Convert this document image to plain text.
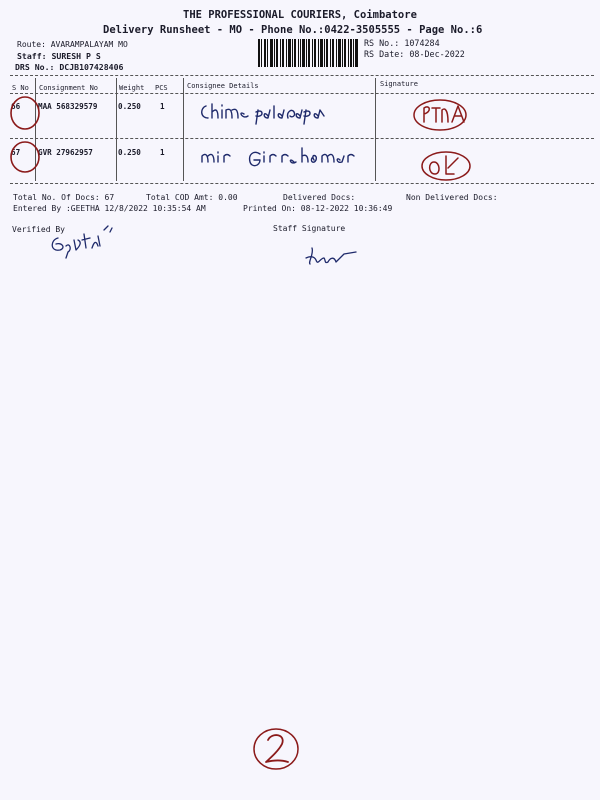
THE PROFESSIONAL COURIERS, Coimbatore
Delivery Runsheet - MO - Phone No.:0422-3505555 - Page No.:6
Route: AVARAMPALAYAM MO
Staff: SURESH P S
DRS No.: DCJB107428406
RS No.: 1074284
RS Date: 08-Dec-2022
S No Consignment No	Weight PCS	Consignee Details	Signature
66 MAA 568329579	0.250	1
67 GVR 27962957	0.250	1
Total No. Of Docs: 67	Total COD Amt: 0.00	Delivered Docs:	Non Delivered Docs:
Entered By :GEETHA 12/8/2022 10:35:54 AM	Printed On: 08-12-2022 10:36:49
Verified By	Staff Signature
